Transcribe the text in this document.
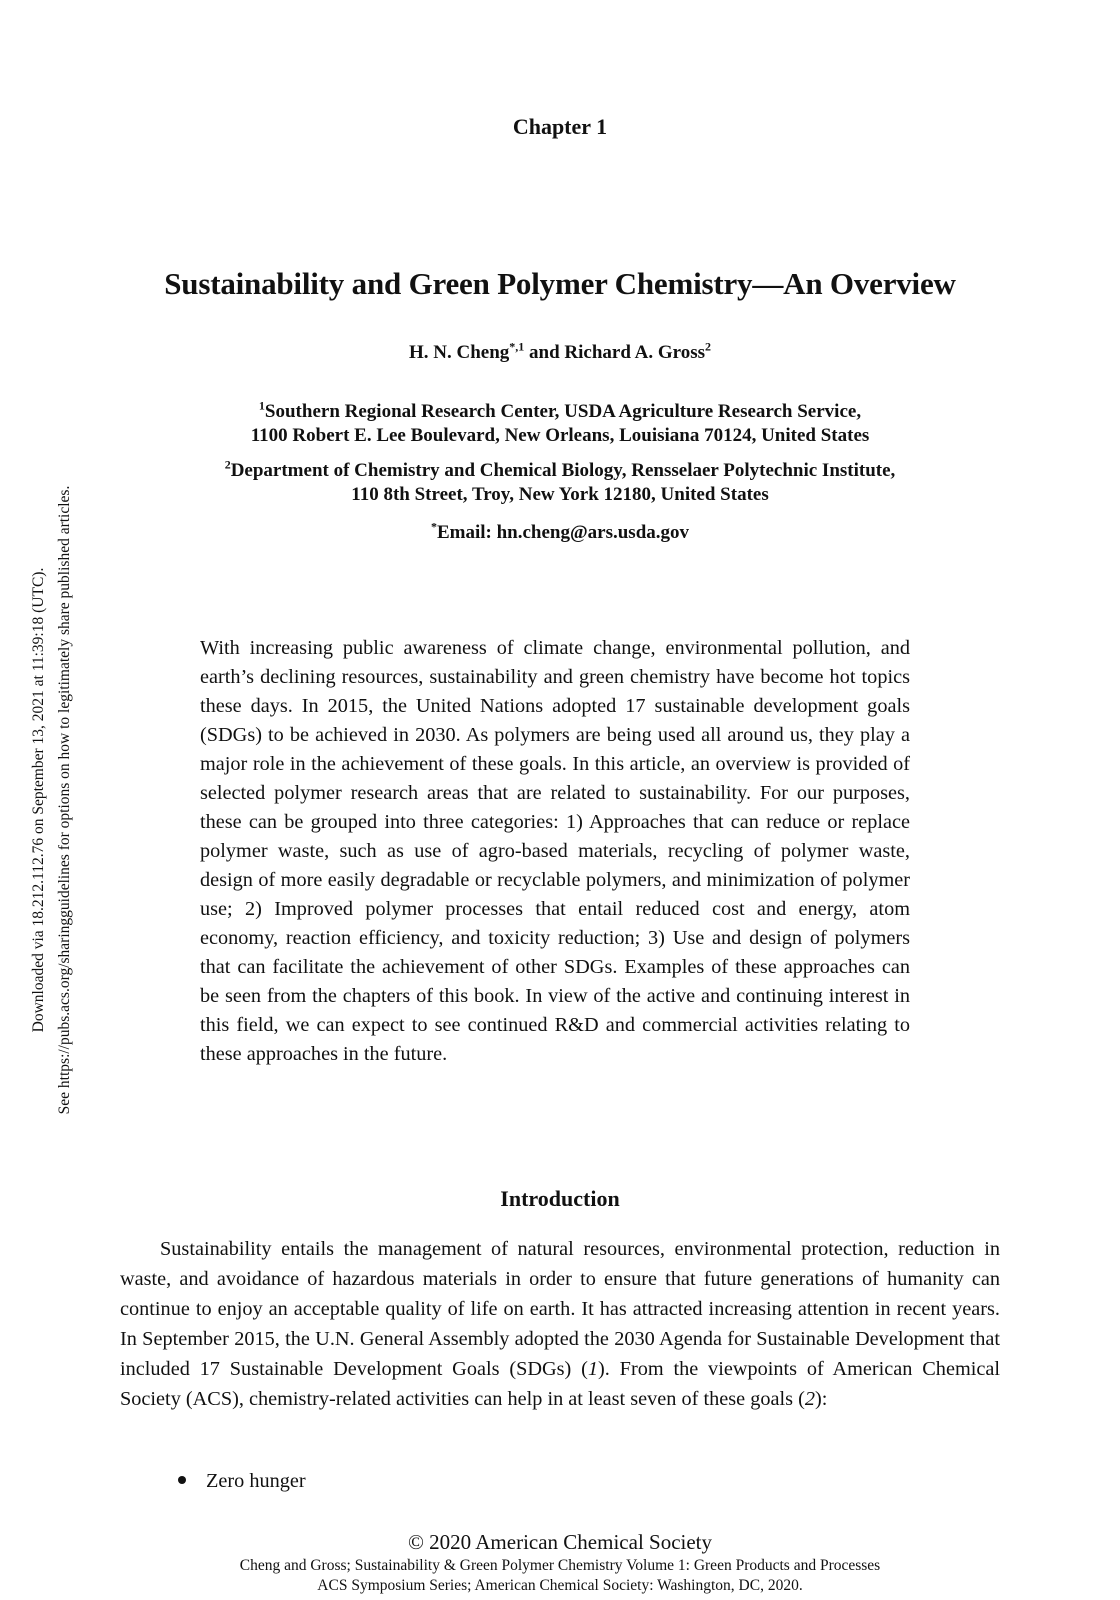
Downloaded via 18.212.112.76 on September 13, 2021 at 11:39:18 (UTC). See https://pubs.acs.org/sharingguidelines for options on how to legitimately share published articles.
Chapter 1
Sustainability and Green Polymer Chemistry—An Overview
H. N. Cheng$^{*,1}$ and Richard A. Gross$^2$
$^1$Southern Regional Research Center, USDA Agriculture Research Service,
1100 Robert E. Lee Boulevard, New Orleans, Louisiana 70124, United States
$^2$Department of Chemistry and Chemical Biology, Rensselaer Polytechnic Institute,
110 8th Street, Troy, New York 12180, United States
*Email: hn.cheng@ars.usda.gov
With increasing public awareness of climate change, environmental pollution, and earth’s declining resources, sustainability and green chemistry have become hot topics these days. In 2015, the United Nations adopted 17 sustainable development goals (SDGs) to be achieved in 2030. As polymers are being used all around us, they play a major role in the achievement of these goals. In this article, an overview is provided of selected polymer research areas that are related to sustainability. For our purposes, these can be grouped into three categories: 1) Approaches that can reduce or replace polymer waste, such as use of agro-based materials, recycling of polymer waste, design of more easily degradable or recyclable polymers, and minimization of polymer use; 2) Improved polymer processes that entail reduced cost and energy, atom economy, reaction efficiency, and toxicity reduction; 3) Use and design of polymers that can facilitate the achievement of other SDGs. Examples of these approaches can be seen from the chapters of this book. In view of the active and continuing interest in this field, we can expect to see continued R&D and commercial activities relating to these approaches in the future.
Introduction
Sustainability entails the management of natural resources, environmental protection, reduction in waste, and avoidance of hazardous materials in order to ensure that future generations of humanity can continue to enjoy an acceptable quality of life on earth. It has attracted increasing attention in recent years. In September 2015, the U.N. General Assembly adopted the 2030 Agenda for Sustainable Development that included 17 Sustainable Development Goals (SDGs) (1). From the viewpoints of American Chemical Society (ACS), chemistry-related activities can help in at least seven of these goals (2):
Zero hunger
© 2020 American Chemical Society
Cheng and Gross; Sustainability & Green Polymer Chemistry Volume 1: Green Products and Processes
ACS Symposium Series; American Chemical Society: Washington, DC, 2020.
